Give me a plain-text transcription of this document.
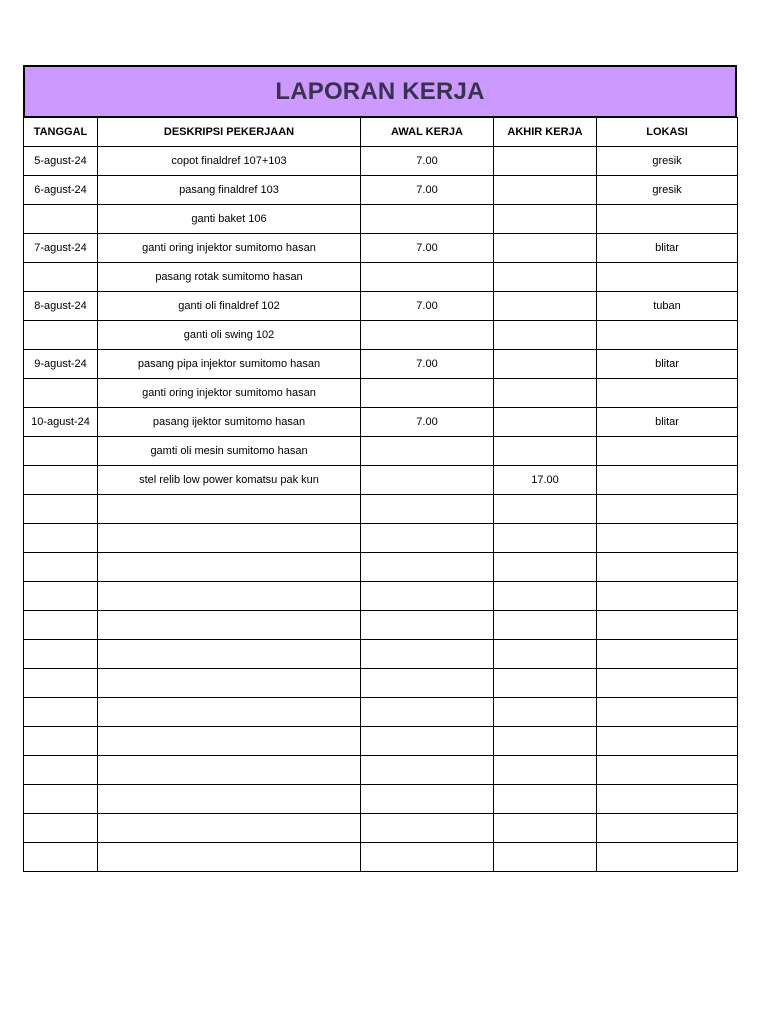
LAPORAN KERJA
TANGGAL	DESKRIPSI PEKERJAAN	AWAL KERJA	AKHIR KERJA	LOKASI
5-agust-24	copot finaldref 107+103	7.00		gresik
6-agust-24	pasang finaldref 103	7.00		gresik
	ganti baket 106			
7-agust-24	ganti oring injektor sumitomo hasan	7.00		blitar
	pasang rotak sumitomo hasan			
8-agust-24	ganti oli finaldref 102	7.00		tuban
	ganti oli swing 102			
9-agust-24	pasang pipa injektor sumitomo hasan	7.00		blitar
	ganti oring injektor sumitomo hasan			
10-agust-24	pasang ijektor sumitomo hasan	7.00		blitar
	gamti oli mesin sumitomo hasan			
	stel relib low power komatsu pak kun		17.00	
